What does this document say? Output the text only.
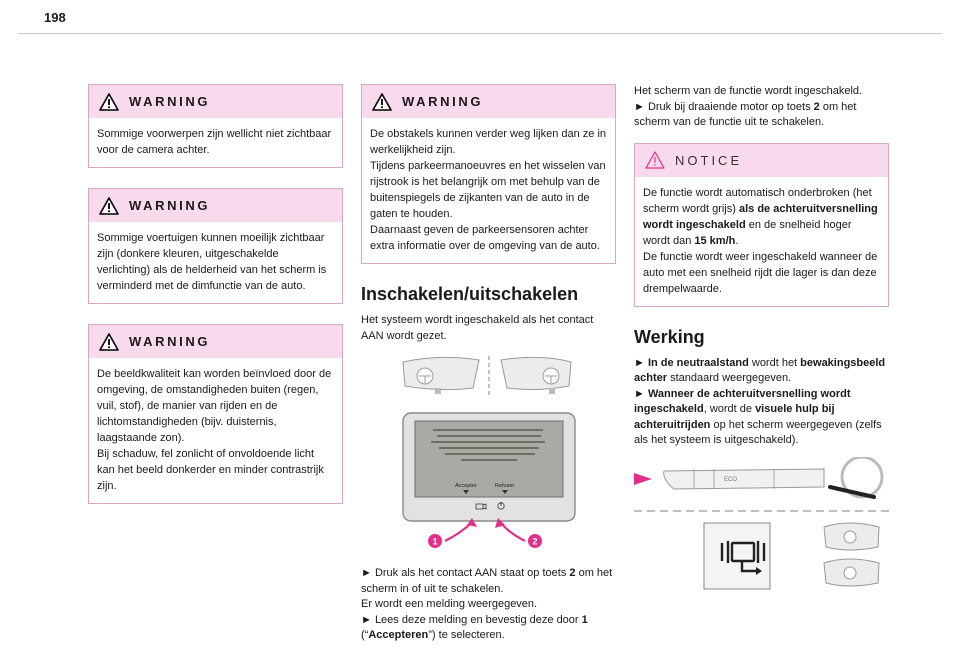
198
WARNING
Sommige voorwerpen zijn wellicht niet zichtbaar voor de camera achter.
WARNING
Sommige voertuigen kunnen moeilijk zichtbaar zijn (donkere kleuren, uitgeschakelde verlichting) als de helderheid van het scherm is verminderd met de dimfunctie van de auto.
WARNING
De beeldkwaliteit kan worden beïnvloed door de omgeving, de omstandigheden buiten (regen, vuil, stof), de manier van rijden en de lichtomstandigheden (bijv. duisternis, laagstaande zon).
Bij schaduw, fel zonlicht of onvoldoende licht kan het beeld donkerder en minder contrastrijk zijn.
WARNING
De obstakels kunnen verder weg lijken dan ze in werkelijkheid zijn.
Tijdens parkeermanoeuvres en het wisselen van rijstrook is het belangrijk om met behulp van de buitenspiegels de zijkanten van de auto in de gaten te houden.
Daarnaast geven de parkeersensoren achter extra informatie over de omgeving van de auto.
Inschakelen/uitschakelen

Het systeem wordt ingeschakeld als het contact AAN wordt gezet.

Accepter	Refuser
1	2

► Druk als het contact AAN staat op toets 2 om het scherm in of uit te schakelen.
Er wordt een melding weergegeven.
► Lees deze melding en bevestig deze door 1 (“Accepteren”) te selecteren.

Het scherm van de functie wordt ingeschakeld.
► Druk bij draaiende motor op toets 2 om het scherm van de functie uit te schakelen.

NOTICE
De functie wordt automatisch onderbroken (het scherm wordt grijs) als de achteruitversnelling wordt ingeschakeld en de snelheid hoger wordt dan 15 km/h.
De functie wordt weer ingeschakeld wanneer de auto met een snelheid rijdt die lager is dan deze drempelwaarde.
Werking

► In de neutraalstand wordt het bewakingsbeeld achter standaard weergegeven.
► Wanneer de achteruitversnelling wordt ingeschakeld, wordt de visuele hulp bij achteruitrijden op het scherm weergegeven (zelfs als het systeem is uitgeschakeld).

ECO
